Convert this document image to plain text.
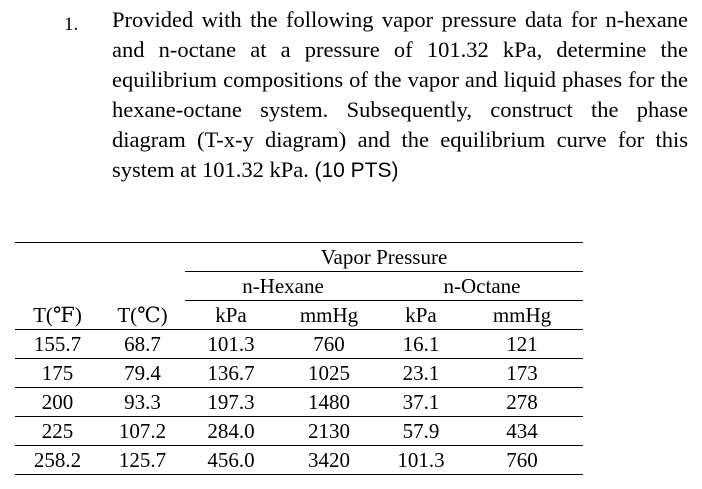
1. Provided with the following vapor pressure data for n-hexane and n-octane at a pressure of 101.32 kPa, determine the equilibrium compositions of the vapor and liquid phases for the hexane-octane system. Subsequently, construct the phase diagram (T-x-y diagram) and the equilibrium curve for this system at 101.32 kPa. (10 PTS)
		Vapor Pressure			
		n-Hexane		n-Octane	
T(℉)	T(℃)	kPa	mmHg	kPa	mmHg
155.7	68.7	101.3	760	16.1	121
175	79.4	136.7	1025	23.1	173
200	93.3	197.3	1480	37.1	278
225	107.2	284.0	2130	57.9	434
258.2	125.7	456.0	3420	101.3	760
